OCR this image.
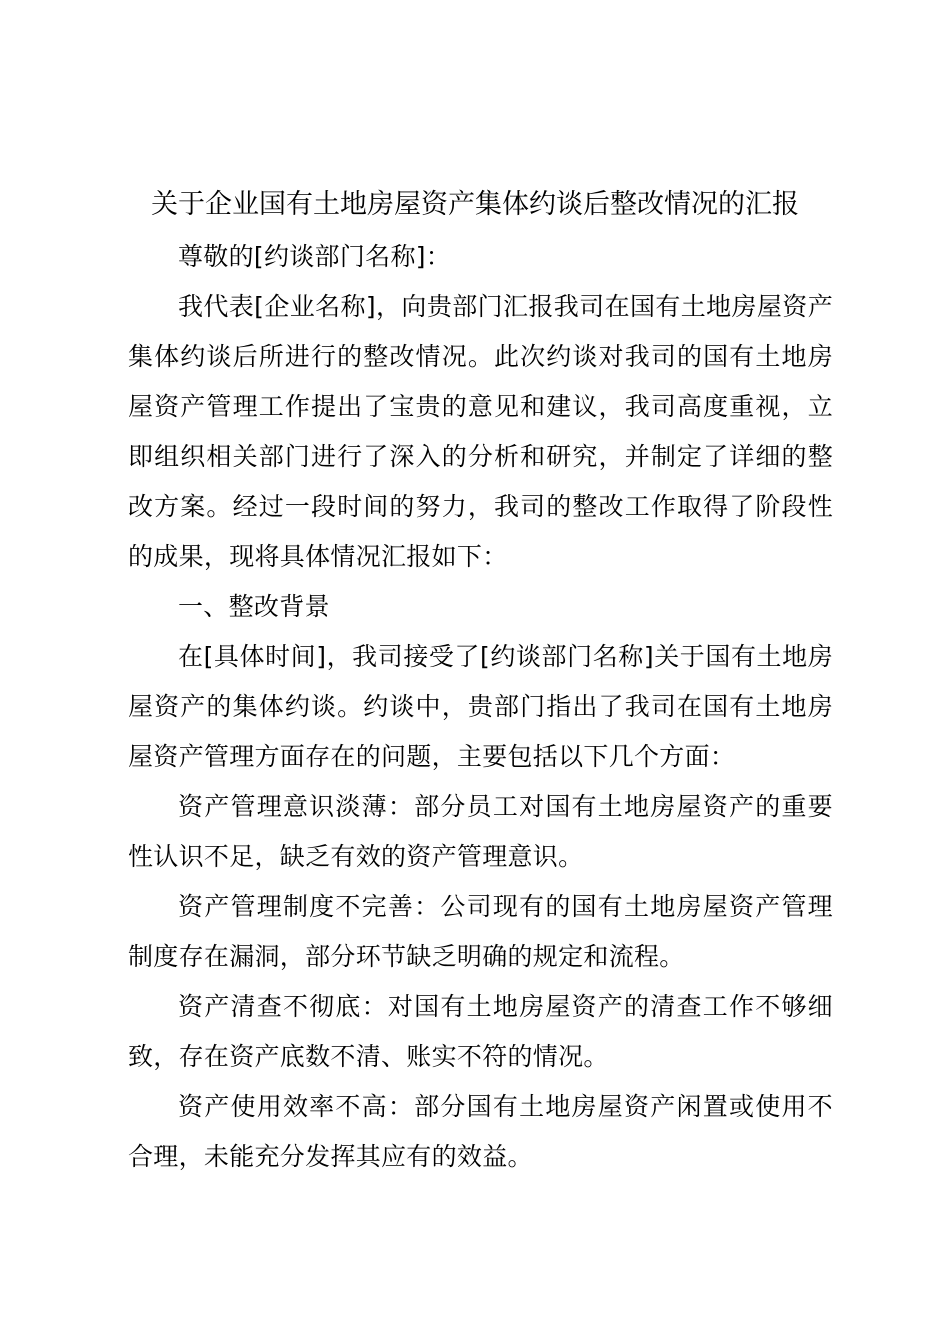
关于企业国有土地房屋资产集体约谈后整改情况的汇报

尊敬的[约谈部门名称]：

我代表[企业名称]，向贵部门汇报我司在国有土地房屋资产集体约谈后所进行的整改情况。此次约谈对我司的国有土地房屋资产管理工作提出了宝贵的意见和建议，我司高度重视，立即组织相关部门进行了深入的分析和研究，并制定了详细的整改方案。经过一段时间的努力，我司的整改工作取得了阶段性的成果，现将具体情况汇报如下：

一、整改背景

在[具体时间]，我司接受了[约谈部门名称]关于国有土地房屋资产的集体约谈。约谈中，贵部门指出了我司在国有土地房屋资产管理方面存在的问题，主要包括以下几个方面：

资产管理意识淡薄：部分员工对国有土地房屋资产的重要性认识不足，缺乏有效的资产管理意识。

资产管理制度不完善：公司现有的国有土地房屋资产管理制度存在漏洞，部分环节缺乏明确的规定和流程。

资产清查不彻底：对国有土地房屋资产的清查工作不够细致，存在资产底数不清、账实不符的情况。

资产使用效率不高：部分国有土地房屋资产闲置或使用不合理，未能充分发挥其应有的效益。
